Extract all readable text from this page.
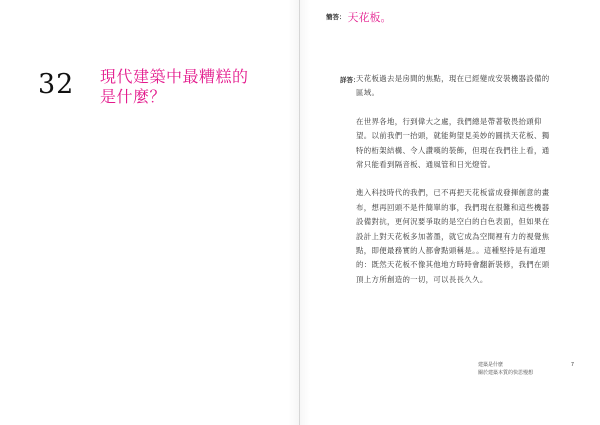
32 現代建築中最糟糕的
是什麼？
簡答： 天花板。
詳答：

天花板過去是房間的焦點，現在已經變成安裝機器設備的
區域。

在世界各地，行到偉大之處，我們總是帶著敬畏抬頭仰
望。以前我們一抬頭，就能夠望見美妙的圓拱天花板、獨
特的桁架結構、令人讚嘆的裝飾，但現在我們往上看，通
常只能看到隔音板、通風管和日光燈管。

進入科技時代的我們，已不再把天花板當成發揮創意的畫
布，想再回頭不是件簡單的事，我們現在很難和這些機器
設備對抗，更何況要爭取的是空白的白色表面，但如果在
設計上對天花板多加著墨，就它成為空間裡有力的視覺焦
點，即便最務實的人都會點頭稱是。。這種堅持是有道理
的：既然天花板不像其他地方時時會翻新裝修，我們在頭
頂上方所創造的一切，可以長長久久。

建築是什麼	7
關於建築本質的快思慢想
